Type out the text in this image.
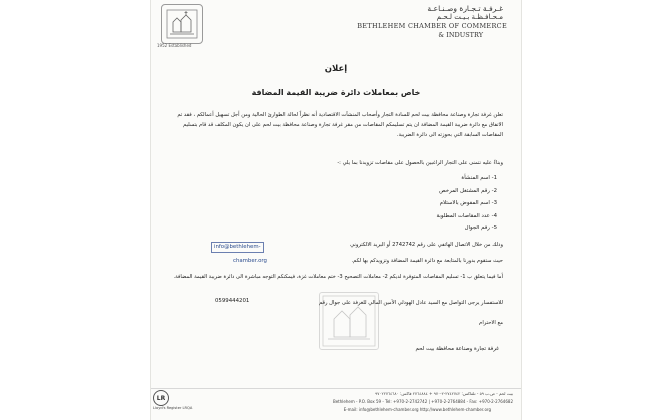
1952 Established
غـرفـة تـجـارة وصـنـاعـة
مـحـافـظـة بـيـت لـحـم
BETHLEHEM CHAMBER OF COMMERCE
& INDUSTRY
إعلان
خاص بمعاملات دائرة ضريبة القيمة المضافة
تعلن غرفة تجارة وصناعة محافظة بيت لحم للسادة التجار وأصحاب المنشآت الاقتصادية أنه نظراً لحالة الطوارئ الحالية ومن أجل تسهيل أعمالكم ، فقد تم الاتفاق مع دائرة ضريبة القيمة المضافة ان يتم تسليمكم المقاصات من مقر غرفة تجارة وصناعة محافظة بيت لحم على ان يكون المكلف قد قام بتسليم المقاصات السابقة التي بحوزته الى دائرة الضريبة.
وبناءً عليه نتمنى على التجار الراغبين بالحصول على مقاصات تزويدنا بما يلي :-
1- اسم المنشأة
2- رقم المشتغل المرخص
3- اسم المفوض بالاستلام
4- عدد المقاصات المطلوبة
5- رقم الجوال
وذلك من خلال الاتصال الهاتفي على رقم 2742742 أو البريد الالكتروني
info@bethlehem-
chamber.org	حيث ستقوم بدورنا بالمتابعة مع دائرة القيمة المضافة وتزويدكم بها لكم.
أما فيما يتعلق ب 1- تسليم المقاصات المتوفرة لديكم 2- معاملات التصحيح 3- ختم معاملات غزة، فيمكنكم التوجه مباشرة الى دائرة ضريبة القيمة المضافة.
للاستفسار يرجى التواصل مع السيد عادل الهودلي الأمين المالي للغرفة على جوال رقم
0599444201
مع الاحترام
غرفة تجارة وصناعة محافظة بيت لحم
LR
Lloyd's Register LRQA
بيت لحم - ص.ب ٥٩ - تلفاكس: ٢٧٤٢٧٤٢-٢-٩٧٠ + ٢٧٦٤٨٨٤ فاكس: ٩٧٠٢٢٧٦٤٦٨٠
Bethlehem - P.O. Box 59 - Tel: +970-2-2742742 | +970-2-2764884 - Fax: +970-2-2764682
E-mail: info@bethlehem-chamber.org http://www.bethlehem-chamber.org
